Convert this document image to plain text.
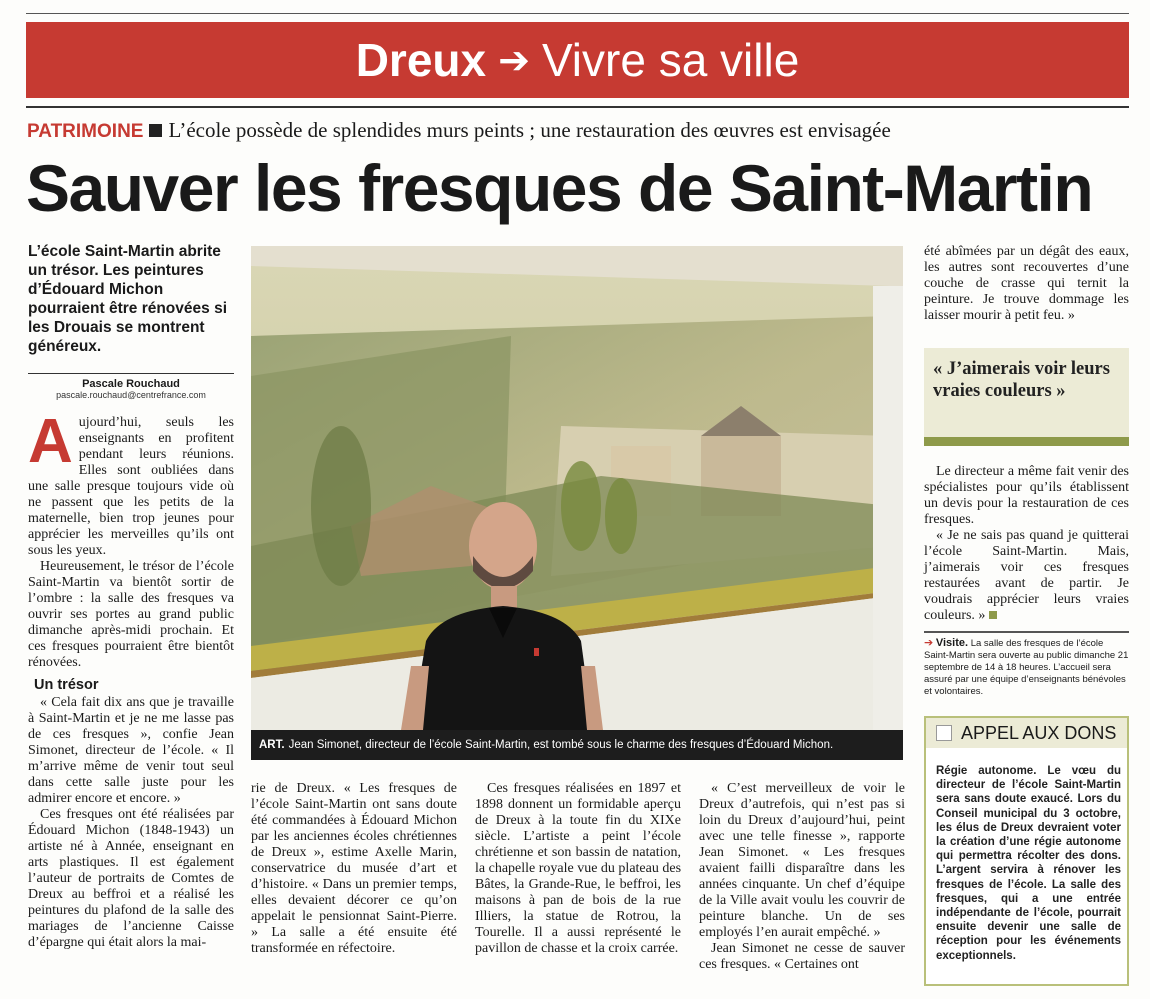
Dreux ➔ Vivre sa ville
PATRIMOINE L’école possède de splendides murs peints ; une restauration des œuvres est envisagée
Sauver les fresques de Saint-Martin
L’école Saint-Martin abrite un trésor. Les peintures d’Édouard Michon pourraient être rénovées si les Drouais se montrent généreux.
Pascale Rouchaud
pascale.rouchaud@centrefrance.com

Aujourd’hui, seuls les enseignants en profitent pendant leurs réunions. Elles sont oubliées dans une salle presque toujours vide où ne passent que les petits de la maternelle, bien trop jeunes pour apprécier les merveilles qu’ils ont sous les yeux.

Heureusement, le trésor de l’école Saint-Martin va bientôt sortir de l’ombre : la salle des fresques va ouvrir ses portes au grand public dimanche après-midi prochain. Et ces fresques pourraient être bientôt rénovées.

Un trésor

« Cela fait dix ans que je travaille à Saint-Martin et je ne me lasse pas de ces fresques », confie Jean Simonet, directeur de l’école. « Il m’arrive même de venir tout seul dans cette salle juste pour les admirer encore et encore. »

Ces fresques ont été réalisées par Édouard Michon (1848-1943) un artiste né à Année, enseignant en arts plastiques. Il est également l’auteur de portraits de Comtes de Dreux au beffroi et a réalisé les peintures du plafond de la salle des mariages de l’ancienne Caisse d’épargne qui était alors la mai-

ART. Jean Simonet, directeur de l’école Saint-Martin, est tombé sous le charme des fresques d’Édouard Michon.

rie de Dreux. « Les fresques de l’école Saint-Martin ont sans doute été commandées à Édouard Michon par les anciennes écoles chrétiennes de Dreux », estime Axelle Marin, conservatrice du musée d’art et d’histoire. « Dans un premier temps, elles devaient décorer ce qu’on appelait le pensionnat Saint-Pierre. » La salle a été ensuite été transformée en réfectoire.

Ces fresques réalisées en 1897 et 1898 donnent un formidable aperçu de Dreux à la toute fin du XIXe siècle. L’artiste a peint l’école chrétienne et son bassin de natation, la chapelle royale vue du plateau des Bâtes, la Grande-Rue, le beffroi, les maisons à pan de bois de la rue Illiers, la statue de Rotrou, la Tourelle. Il a aussi représenté le pavillon de chasse et la croix carrée.

« C’est merveilleux de voir le Dreux d’autrefois, qui n’est pas si loin du Dreux d’aujourd’hui, peint avec une telle finesse », rapporte Jean Simonet. « Les fresques avaient failli disparaître dans les années cinquante. Un chef d’équipe de la Ville avait voulu les couvrir de peinture blanche. Un de ses employés l’en aurait empêché. »

Jean Simonet ne cesse de sauver ces fresques. « Certaines ont

été abîmées par un dégât des eaux, les autres sont recouvertes d’une couche de crasse qui ternit la peinture. Je trouve dommage les laisser mourir à petit feu. »

« J’aimerais voir leurs vraies couleurs »

Le directeur a même fait venir des spécialistes pour qu’ils établissent un devis pour la restauration de ces fresques.

« Je ne sais pas quand je quitterai l’école Saint-Martin. Mais, j’aimerais voir ces fresques restaurées avant de partir. Je voudrais apprécier leurs vraies couleurs. »

➔ Visite. La salle des fresques de l’école Saint-Martin sera ouverte au public dimanche 21 septembre de 14 à 18 heures. L’accueil sera assuré par une équipe d’enseignants bénévoles et volontaires.
APPEL AUX DONS
Régie autonome. Le vœu du directeur de l’école Saint-Martin sera sans doute exaucé. Lors du Conseil municipal du 3 octobre, les élus de Dreux devraient voter la création d’une régie autonome qui permettra récolter des dons. L’argent servira à rénover les fresques de l’école. La salle des fresques, qui a une entrée indépendante de l’école, pourrait ensuite devenir une salle de réception pour les événements exceptionnels.
